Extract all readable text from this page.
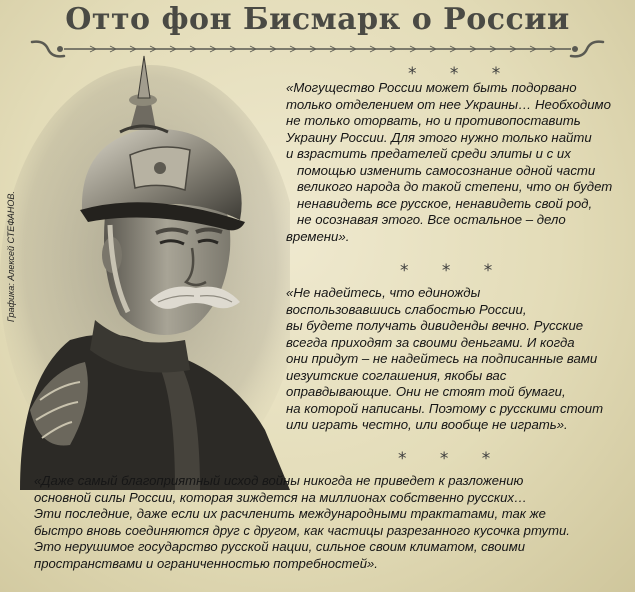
Отто фон Бисмарк о России
Графика: Алексей СТЕФАНОВ.
* * *
«Могущество России может быть подорвано
только отделением от нее Украины… Необходимо
не только оторвать, но и противопоставить
Украину России. Для этого нужно только найти
и взрастить предателей среди элиты и с их
помощью изменить самосознание одной части
великого народа до такой степени, что он будет
ненавидеть все русское, ненавидеть свой род,
не осознавая этого. Все остальное – дело
времени».
* * *
«Не надейтесь, что единожды
воспользовавшись слабостью России,
вы будете получать дивиденды вечно. Русские
всегда приходят за своими деньгами. И когда
они придут – не надейтесь на подписанные вами
иезуитские соглашения, якобы вас
оправдывающие. Они не стоят той бумаги,
на которой написаны. Поэтому с русскими стоит
или играть честно, или вообще не играть».
* * *
«Даже самый благоприятный исход войны никогда не приведет к разложению
основной силы России, которая зиждется на миллионах собственно русских…
Эти последние, даже если их расчленить международными трактатами, так же
быстро вновь соединяются друг с другом, как частицы разрезанного кусочка ртути.
Это нерушимое государство русской нации, сильное своим климатом, своими
пространствами и ограниченностью потребностей».
